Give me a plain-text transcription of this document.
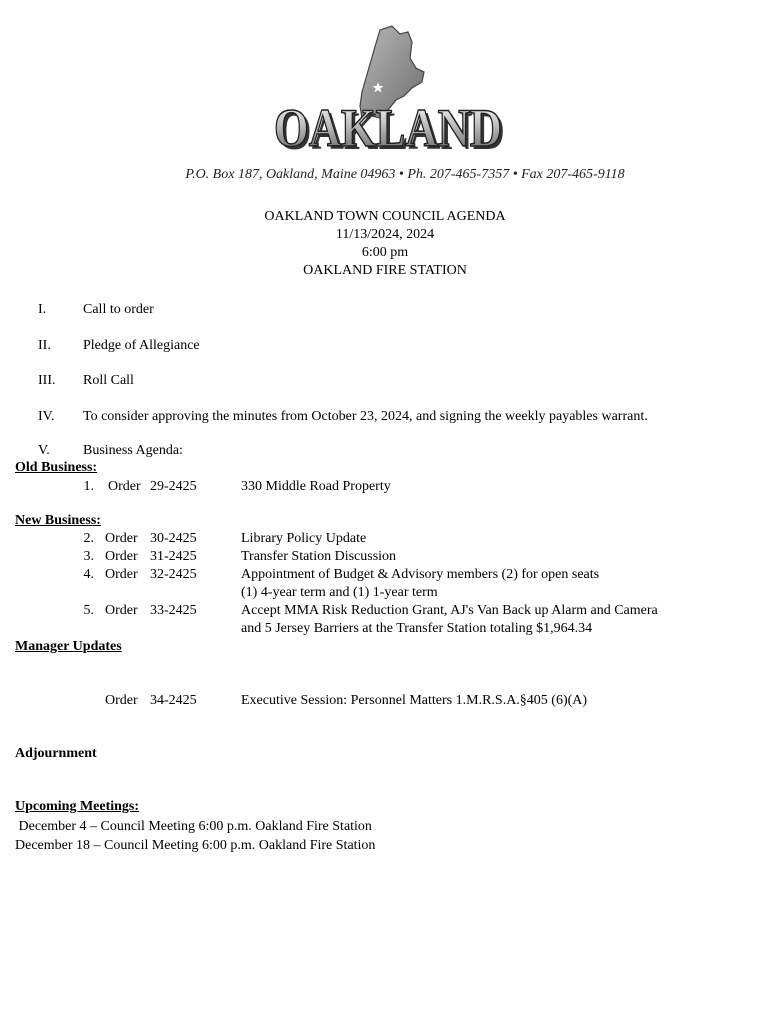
OAKLAND
OAKLAND
P.O. Box 187, Oakland, Maine 04963 • Ph. 207-465-7357 • Fax 207-465-9118
OAKLAND TOWN COUNCIL AGENDA
11/13/2024, 2024
6:00 pm
OAKLAND FIRE STATION
I.	Call to order
II. Pledge of Allegiance
III. Roll Call
IV. To consider approving the minutes from October 23, 2024, and signing the weekly payables warrant.
V. Business Agenda:
Old Business:
1. Order 29-2425	330 Middle Road Property
New Business:
2. Order 30-2425	Library Policy Update
3. Order 31-2425	Transfer Station Discussion
4. Order 32-2425	Appointment of Budget & Advisory members (2) for open seats
(1) 4-year term and (1) 1-year term
5. Order 33-2425	Accept MMA Risk Reduction Grant, AJ's Van Back up Alarm and Camera
and 5 Jersey Barriers at the Transfer Station totaling $1,964.34
Manager Updates
Order 34-2425	Executive Session: Personnel Matters 1.M.R.S.A.§405 (6)(A)
Adjournment
Upcoming Meetings:
December 4 – Council Meeting 6:00 p.m. Oakland Fire Station
December 18 – Council Meeting 6:00 p.m. Oakland Fire Station
